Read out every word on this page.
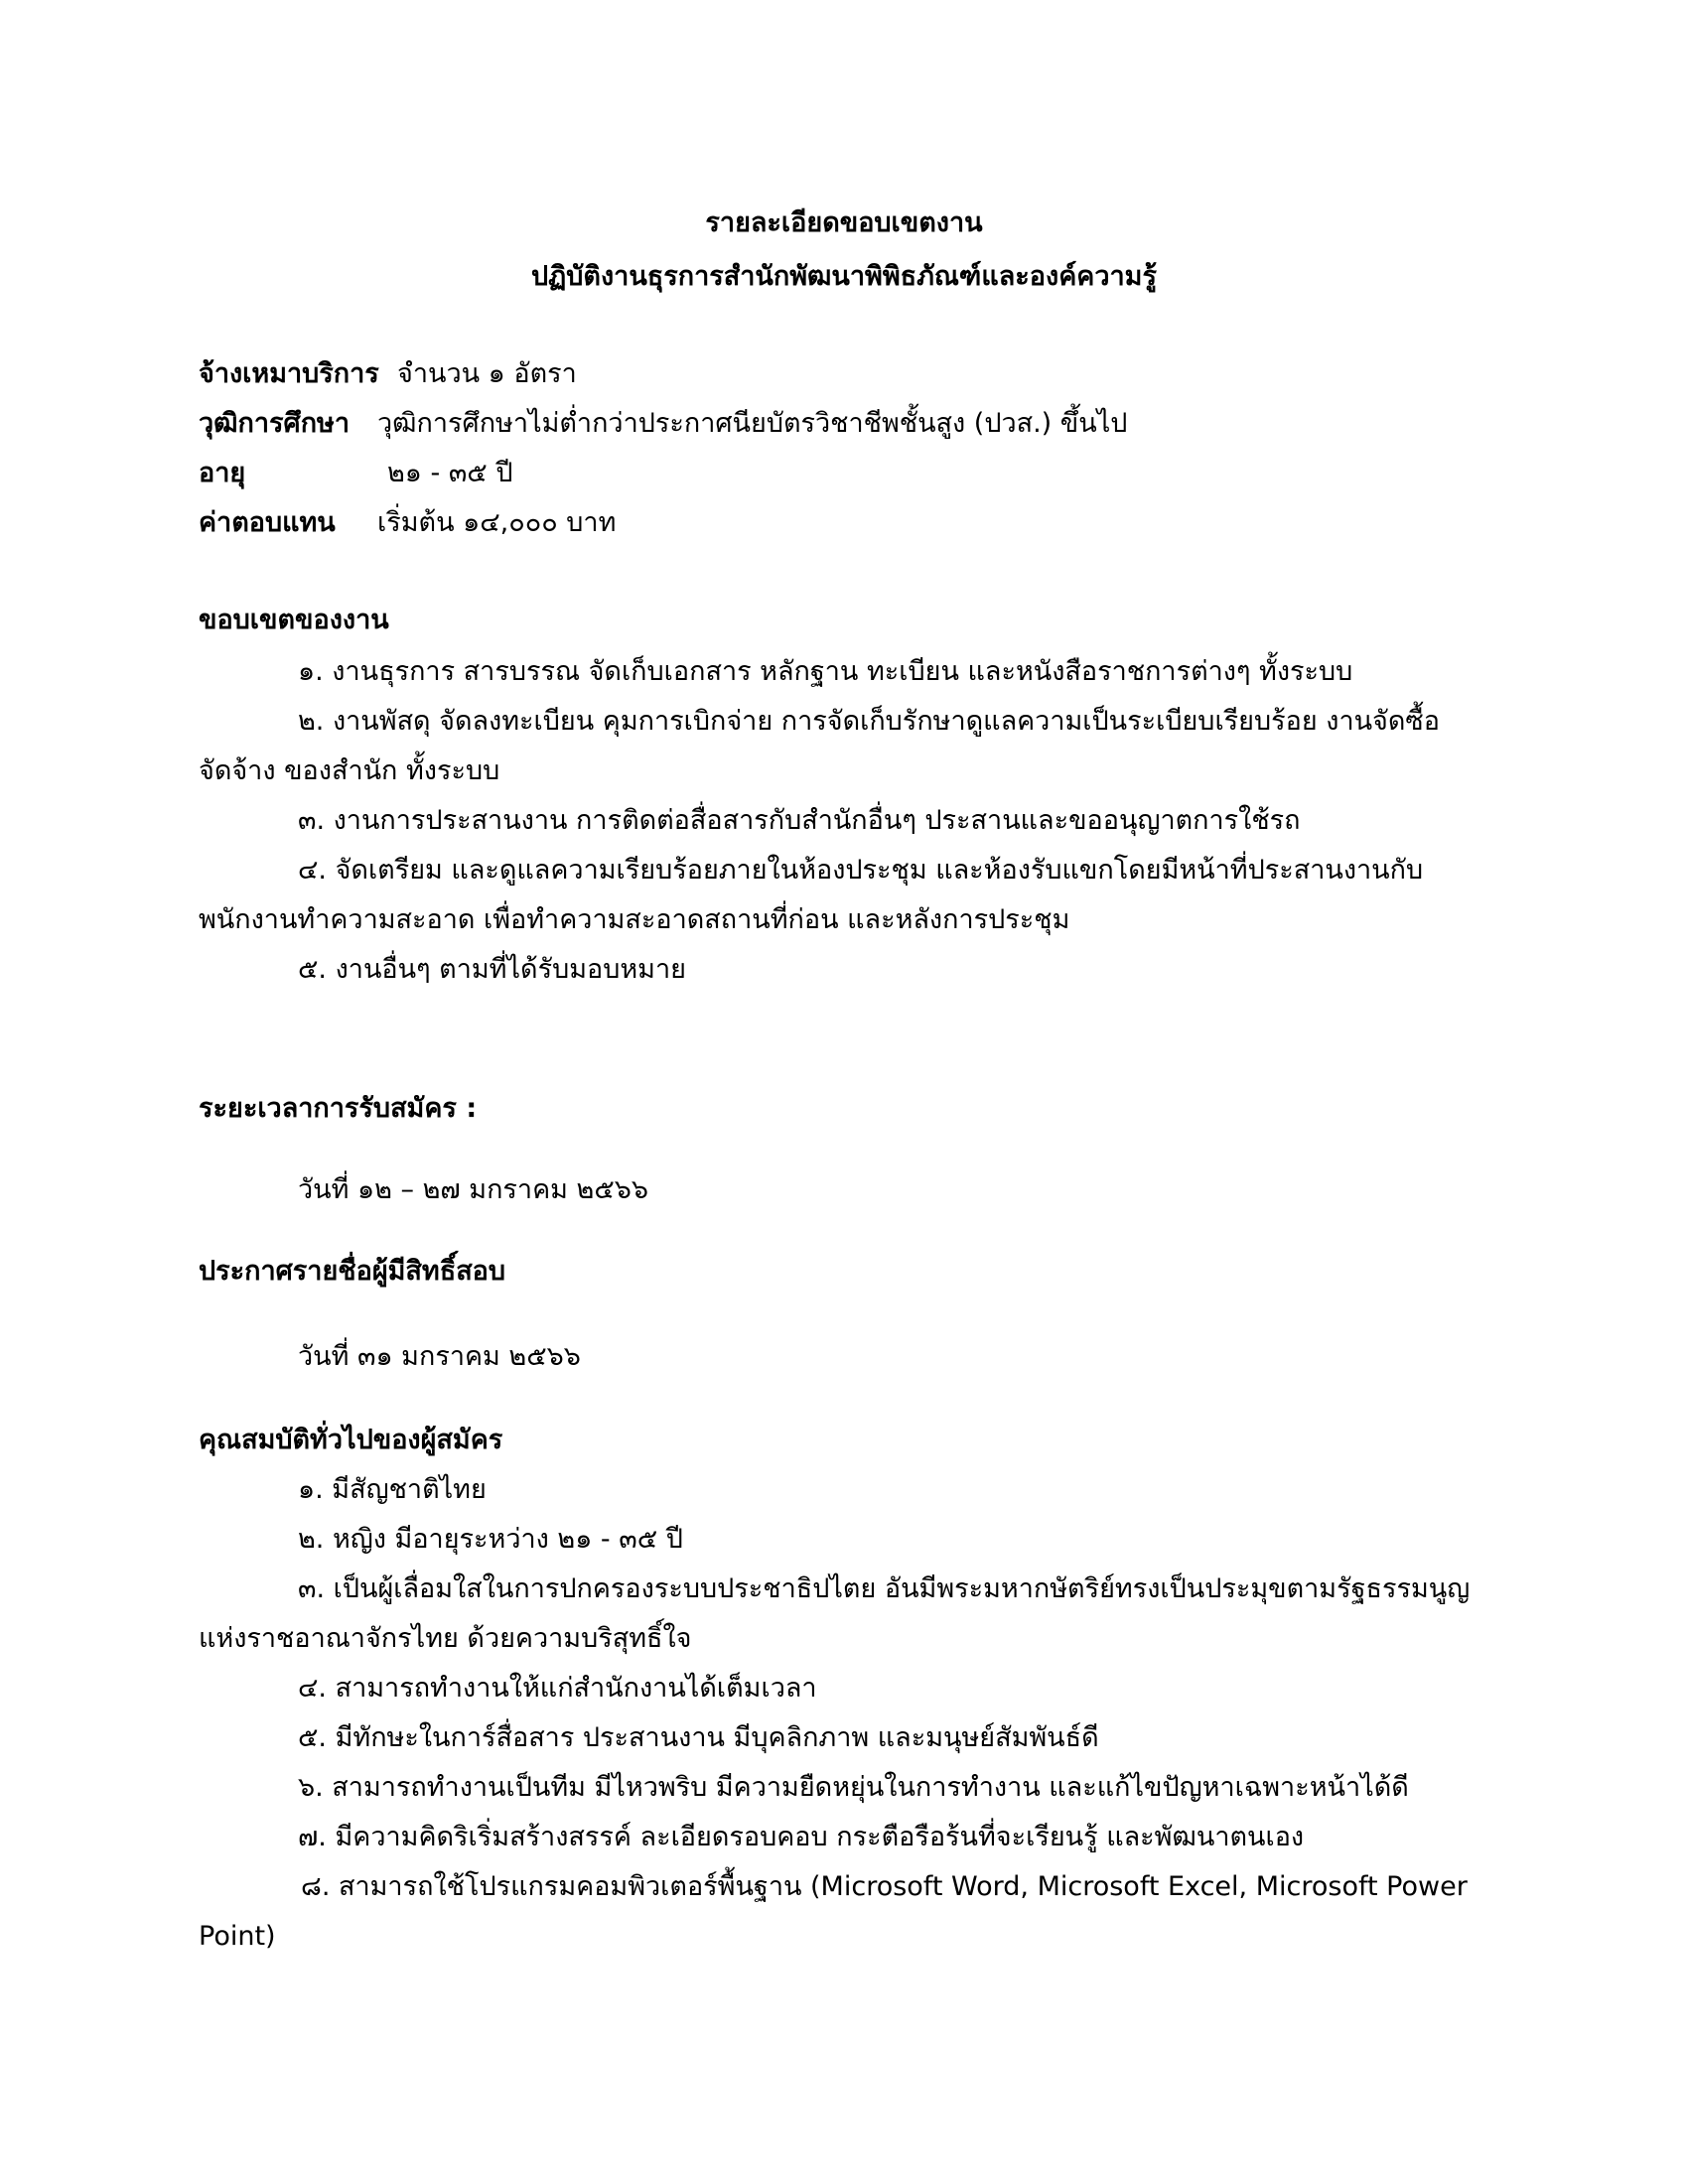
รายละเอียดขอบเขตงาน
ปฏิบัติงานธุรการสำนักพัฒนาพิพิธภัณฑ์และองค์ความรู้
จ้างเหมาบริการ จำนวน ๑ อัตรา
วุฒิการศึกษา วุฒิการศึกษาไม่ต่ำกว่าประกาศนียบัตรวิชาชีพชั้นสูง (ปวส.) ขึ้นไป
อายุ	๒๑ - ๓๕ ปี
ค่าตอบแทน เริ่มต้น ๑๔,๐๐๐ บาท
ขอบเขตของงาน
๑. งานธุรการ สารบรรณ จัดเก็บเอกสาร หลักฐาน ทะเบียน และหนังสือราชการต่างๆ ทั้งระบบ
๒. งานพัสดุ จัดลงทะเบียน คุมการเบิกจ่าย การจัดเก็บรักษาดูแลความเป็นระเบียบเรียบร้อย งานจัดซื้อ
จัดจ้าง ของสำนัก ทั้งระบบ
๓. งานการประสานงาน การติดต่อสื่อสารกับสำนักอื่นๆ ประสานและขออนุญาตการใช้รถ
๔. จัดเตรียม และดูแลความเรียบร้อยภายในห้องประชุม และห้องรับแขกโดยมีหน้าที่ประสานงานกับ
พนักงานทำความสะอาด เพื่อทำความสะอาดสถานที่ก่อน และหลังการประชุม
๕. งานอื่นๆ ตามที่ได้รับมอบหมาย
ระยะเวลาการรับสมัคร :
วันที่ ๑๒ – ๒๗ มกราคม ๒๕๖๖
ประกาศรายชื่อผู้มีสิทธิ์สอบ
วันที่ ๓๑ มกราคม ๒๕๖๖
คุณสมบัติทั่วไปของผู้สมัคร
๑. มีสัญชาติไทย
๒. หญิง มีอายุระหว่าง ๒๑ - ๓๕ ปี
๓. เป็นผู้เลื่อมใสในการปกครองระบบประชาธิปไตย อันมีพระมหากษัตริย์ทรงเป็นประมุขตามรัฐธรรมนูญ
แห่งราชอาณาจักรไทย ด้วยความบริสุทธิ์ใจ
๔. สามารถทำงานให้แก่สำนักงานได้เต็มเวลา
๕. มีทักษะในการ์สื่อสาร ประสานงาน มีบุคลิกภาพ และมนุษย์สัมพันธ์ดี
๖. สามารถทำงานเป็นทีม มีไหวพริบ มีความยืดหยุ่นในการทำงาน และแก้ไขปัญหาเฉพาะหน้าได้ดี
๗. มีความคิดริเริ่มสร้างสรรค์ ละเอียดรอบคอบ กระตือรือร้นที่จะเรียนรู้ และพัฒนาตนเอง
๘. สามารถใช้โปรแกรมคอมพิวเตอร์พื้นฐาน (Microsoft Word, Microsoft Excel, Microsoft Power
Point)
